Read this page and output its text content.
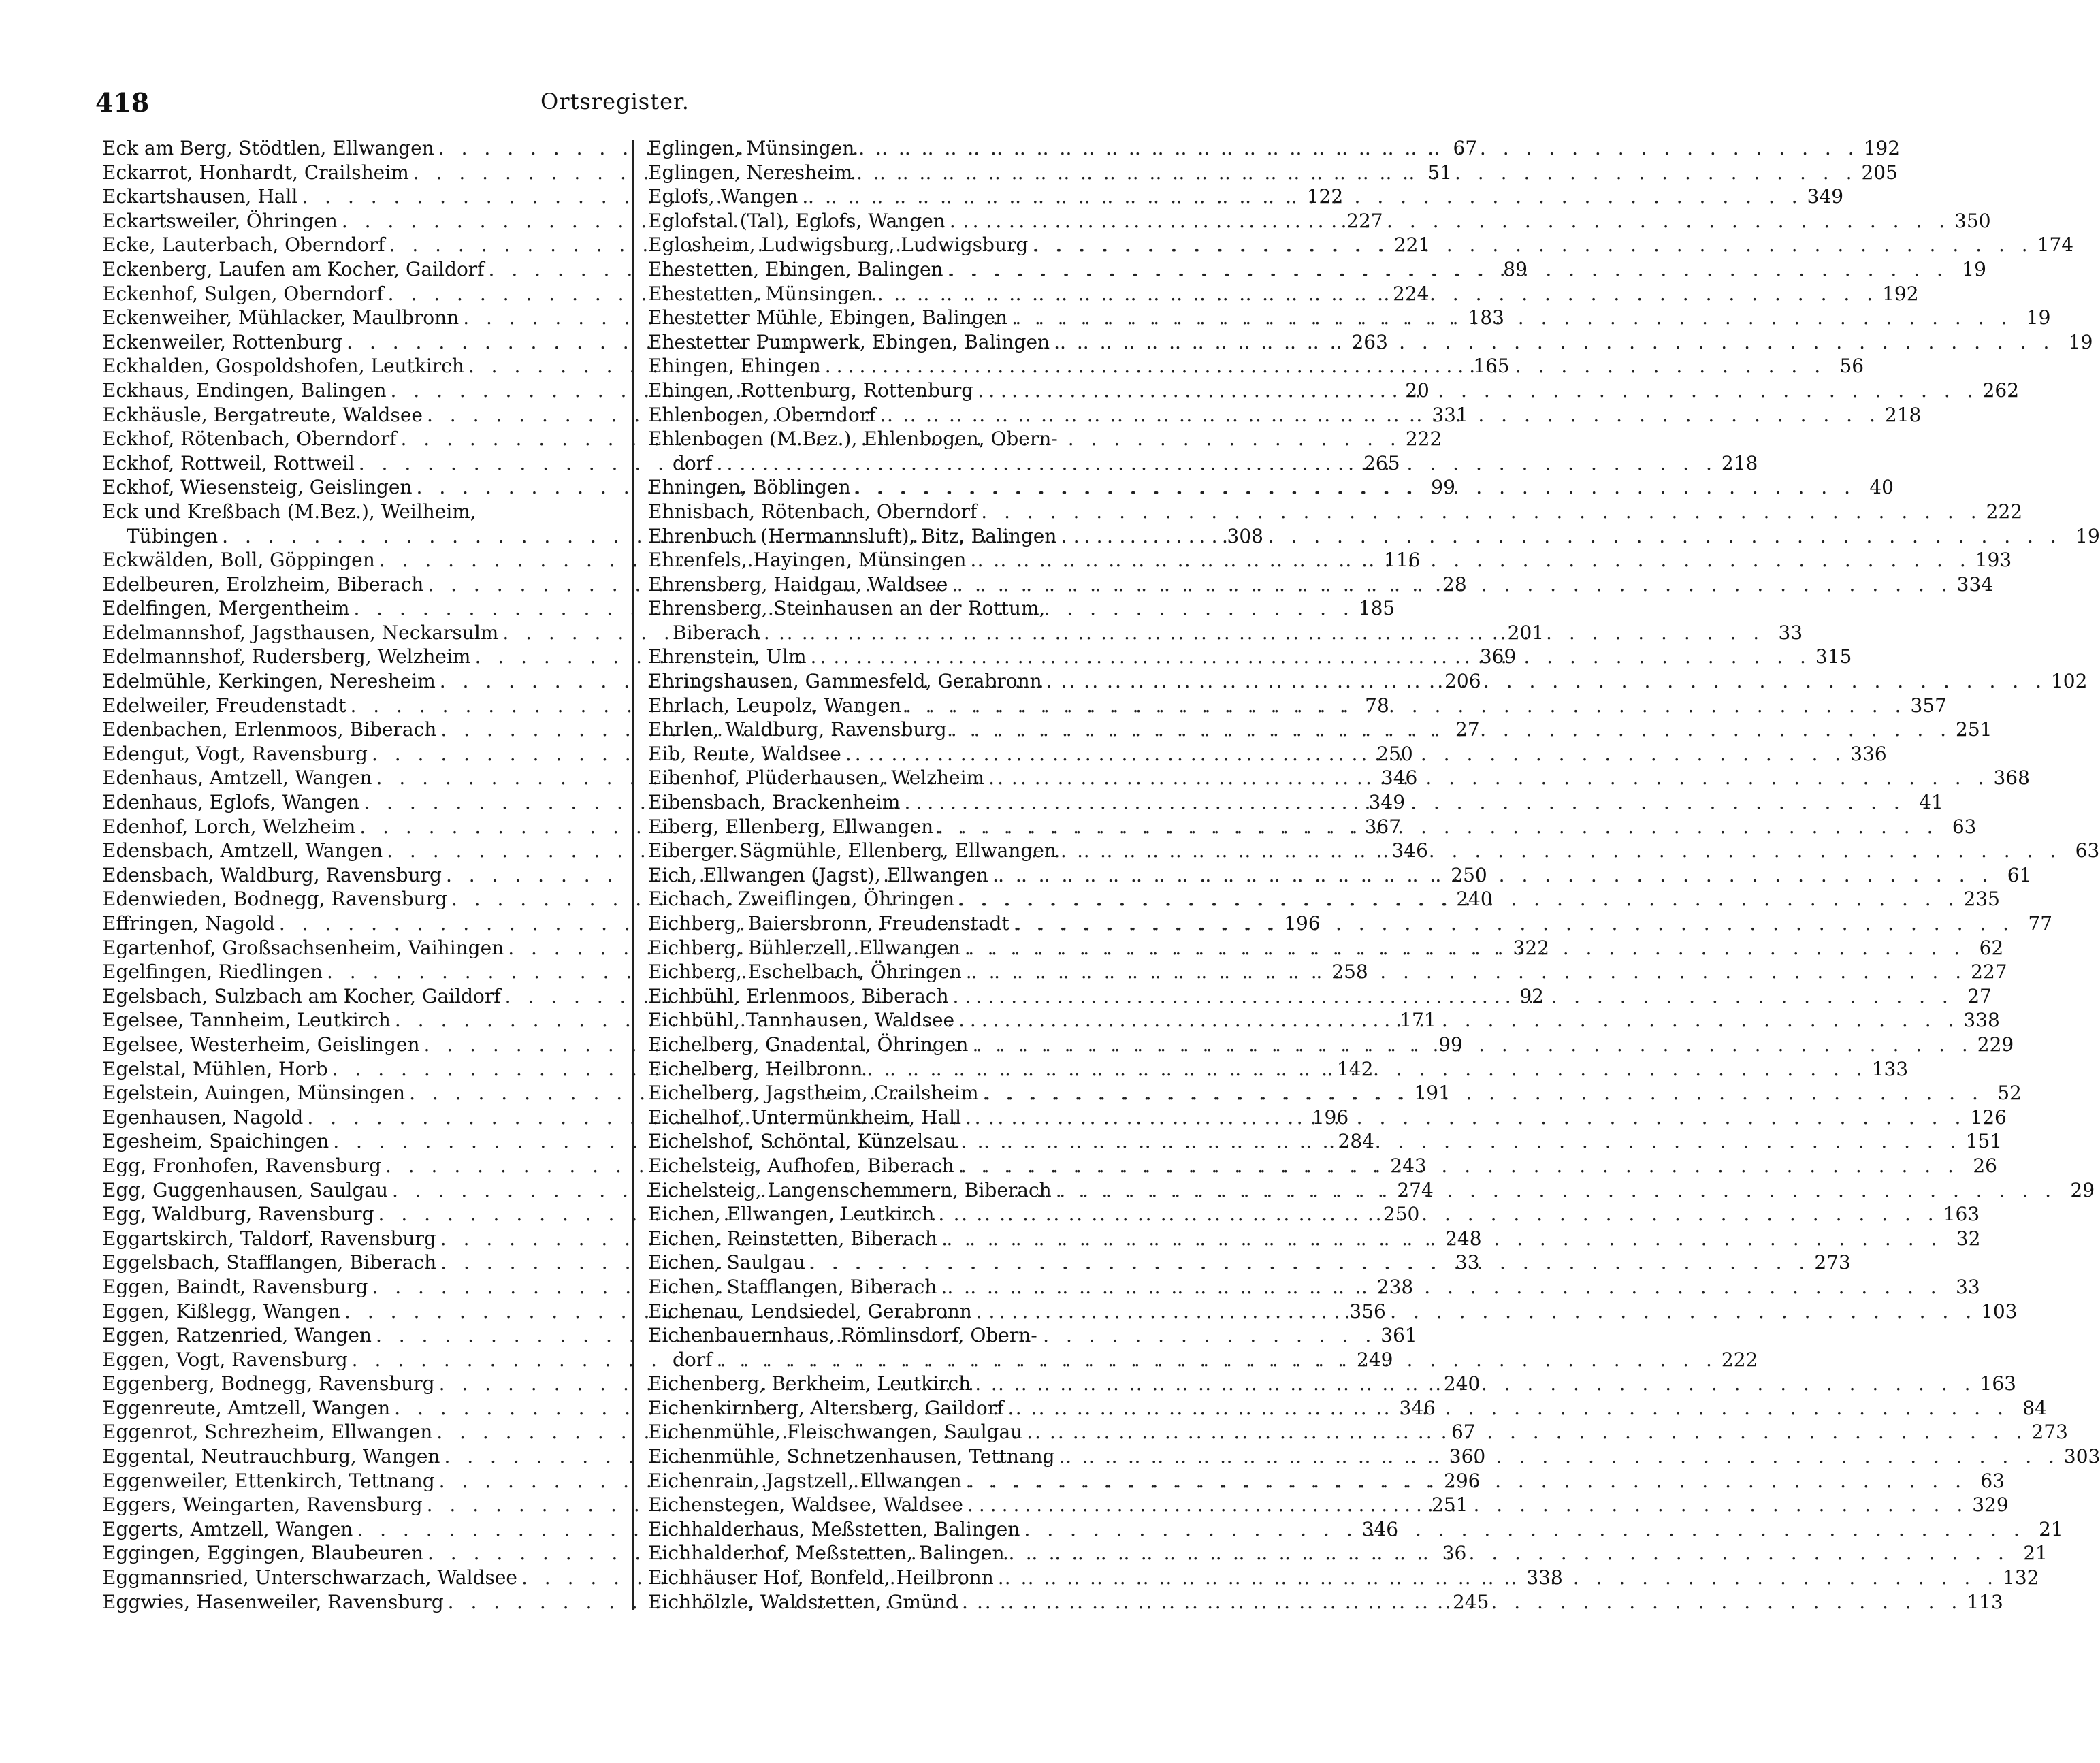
418	Ortsregister.
Eck am Berg, Stödtlen, Ellwangen . . .	67
Eckarrot, Honhardt, Crailsheim . . .	51
Eckartshausen, Hall . . .	122
Eckartsweiler, Öhringen . . .	227
Ecke, Lauterbach, Oberndorf . . .	221
Eckenberg, Laufen am Kocher, Gaildorf . . .	89
Eckenhof, Sulgen, Oberndorf . . .	224
Eckenweiher, Mühlacker, Maulbronn . . .	183
Eckenweiler, Rottenburg . . .	263
Eckhalden, Gospoldshofen, Leutkirch . . .	165
Eckhaus, Endingen, Balingen . . .	20
Eckhäusle, Bergatreute, Waldsee . . .	331
Eckhof, Rötenbach, Oberndorf . . .	222
Eckhof, Rottweil, Rottweil . . .	265
Eckhof, Wiesensteig, Geislingen . . .	99
Eck und Kreßbach (M.Bez.), Weilheim,
Tübingen . . .	308
Eckwälden, Boll, Göppingen . . .	116
Edelbeuren, Erolzheim, Biberach . . .	28
Edelfingen, Mergentheim . . .	185
Edelmannshof, Jagsthausen, Neckarsulm . . .	201
Edelmannshof, Rudersberg, Welzheim . . .	369
Edelmühle, Kerkingen, Neresheim . . .	206
Edelweiler, Freudenstadt . . .	78
Edenbachen, Erlenmoos, Biberach . . .	27
Edengut, Vogt, Ravensburg . . .	250
Edenhaus, Amtzell, Wangen . . .	346
Edenhaus, Eglofs, Wangen . . .	349
Edenhof, Lorch, Welzheim . . .	367
Edensbach, Amtzell, Wangen . . .	346
Edensbach, Waldburg, Ravensburg . . .	250
Edenwieden, Bodnegg, Ravensburg . . .	240
Effringen, Nagold . . .	196
Egartenhof, Großsachsenheim, Vaihingen . . .	322
Egelfingen, Riedlingen . . .	258
Egelsbach, Sulzbach am Kocher, Gaildorf . . .	92
Egelsee, Tannheim, Leutkirch . . .	171
Egelsee, Westerheim, Geislingen . . .	99
Egelstal, Mühlen, Horb . . .	142
Egelstein, Auingen, Münsingen . . .	191
Egenhausen, Nagold . . .	196
Egesheim, Spaichingen . . .	284
Egg, Fronhofen, Ravensburg . . .	243
Egg, Guggenhausen, Saulgau . . .	274
Egg, Waldburg, Ravensburg . . .	250
Eggartskirch, Taldorf, Ravensburg . . .	248
Eggelsbach, Stafflangen, Biberach . . .	33
Eggen, Baindt, Ravensburg . . .	238
Eggen, Kißlegg, Wangen . . .	356
Eggen, Ratzenried, Wangen . . .	361
Eggen, Vogt, Ravensburg . . .	249
Eggenberg, Bodnegg, Ravensburg . . .	240
Eggenreute, Amtzell, Wangen . . .	346
Eggenrot, Schrezheim, Ellwangen . . .	67
Eggental, Neutrauchburg, Wangen . . .	360
Eggenweiler, Ettenkirch, Tettnang . . .	296
Eggers, Weingarten, Ravensburg . . .	251
Eggerts, Amtzell, Wangen . . .	346
Eggingen, Eggingen, Blaubeuren . . .	36
Eggmannsried, Unterschwarzach, Waldsee . . .	338
Eggwies, Hasenweiler, Ravensburg . . .	245
Eglingen, Münsingen . . .	192
Eglingen, Neresheim . . .	205
Eglofs, Wangen . . .	349
Eglofstal (Tal), Eglofs, Wangen . . .	350
Eglosheim, Ludwigsburg, Ludwigsburg . . .	174
Ehestetten, Ebingen, Balingen . . .	19
Ehestetten, Münsingen . . .	192
Ehestetter Mühle, Ebingen, Balingen . . .	19
Ehestetter Pumpwerk, Ebingen, Balingen . . .	19
Ehingen, Ehingen . . .	56
Ehingen, Rottenburg, Rottenburg . . .	262
Ehlenbogen, Oberndorf . . .	218
Ehlenbogen (M.Bez.), Ehlenbogen, Obern-
dorf . . .	218
Ehningen, Böblingen . . .	40
Ehnisbach, Rötenbach, Oberndorf . . .	222
Ehrenbuch (Hermannsluft), Bitz, Balingen . . .	19
Ehrenfels, Hayingen, Münsingen . . .	193
Ehrensberg, Haidgau, Waldsee . . .	334
Ehrensberg, Steinhausen an der Rottum,
Biberach . . .	33
Ehrenstein, Ulm . . .	315
Ehringshausen, Gammesfeld, Gerabronn . . .	102
Ehrlach, Leupolz, Wangen . . .	357
Ehrlen, Waldburg, Ravensburg . . .	251
Eib, Reute, Waldsee . . .	336
Eibenhof, Plüderhausen, Welzheim . . .	368
Eibensbach, Brackenheim . . .	41
Eiberg, Ellenberg, Ellwangen . . .	63
Eiberger Sägmühle, Ellenberg, Ellwangen . . .	63
Eich, Ellwangen (Jagst), Ellwangen . . .	61
Eichach, Zweiflingen, Öhringen . . .	235
Eichberg, Baiersbronn, Freudenstadt . . .	77
Eichberg, Bühlerzell, Ellwangen . . .	62
Eichberg, Eschelbach, Öhringen . . .	227
Eichbühl, Erlenmoos, Biberach . . .	27
Eichbühl, Tannhausen, Waldsee . . .	338
Eichelberg, Gnadental, Öhringen . . .	229
Eichelberg, Heilbronn . . .	133
Eichelberg, Jagstheim, Crailsheim . . .	52
Eichelhof, Untermünkheim, Hall . . .	126
Eichelshof, Schöntal, Künzelsau . . .	151
Eichelsteig, Aufhofen, Biberach . . .	26
Eichelsteig, Langenschemmern, Biberach . . .	29
Eichen, Ellwangen, Leutkirch . . .	163
Eichen, Reinstetten, Biberach . . .	32
Eichen, Saulgau . . .	273
Eichen, Stafflangen, Biberach . . .	33
Eichenau, Lendsiedel, Gerabronn . . .	103
Eichenbauernhaus, Römlinsdorf, Obern-
dorf . . .	222
Eichenberg, Berkheim, Leutkirch . . .	163
Eichenkirnberg, Altersberg, Gaildorf . . .	84
Eichenmühle, Fleischwangen, Saulgau . . .	273
Eichenmühle, Schnetzenhausen, Tettnang . . .	303
Eichenrain, Jagstzell, Ellwangen . . .	63
Eichenstegen, Waldsee, Waldsee . . .	329
Eichhalderhaus, Meßstetten, Balingen . . .	21
Eichhalderhof, Meßstetten, Balingen . . .	21
Eichhäuser Hof, Bonfeld, Heilbronn . . .	132
Eichhölzle, Waldstetten, Gmünd . . .	113
